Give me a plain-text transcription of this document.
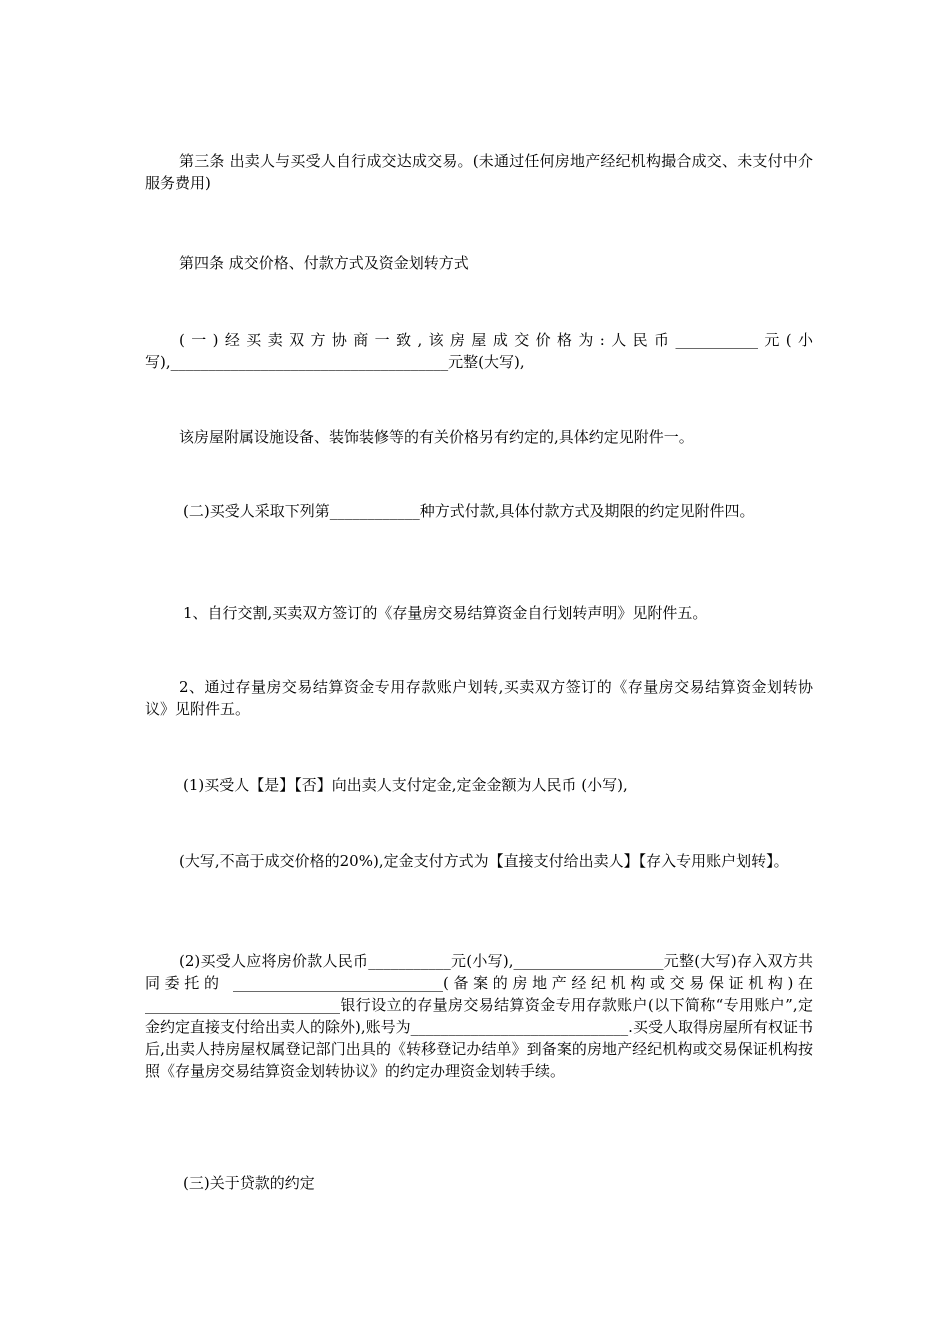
第三条 出卖人与买受人自行成交达成交易。(未通过任何房地产经纪机构撮合成交、未支付中介服务费用)

第四条 成交价格、付款方式及资金划转方式

(一)经买卖双方协商一致,该房屋成交价格为:人民币___________元(小 写),_____________________________________元整(大写),

该房屋附属设施设备、装饰装修等的有关价格另有约定的,具体约定见附件一。

(二)买受人采取下列第____________种方式付款,具体付款方式及期限的约定见附件四。

1、自行交割,买卖双方签订的《存量房交易结算资金自行划转声明》见附件五。

2、通过存量房交易结算资金专用存款账户划转,买卖双方签订的《存量房交易结算资金划转协议》见附件五。

(1)买受人【是】【否】向出卖人支付定金,定金金额为人民币 (小写),

(大写,不高于成交价格的20%),定金支付方式为【直接支付给出卖人】【存入专用账户划转】。

(2)买受人应将房价款人民币___________元(小写),____________________元整(大写)存入双方共同委托的 ____________________________(备案的房地产经纪机构或交易保证机构)在 __________________________银行设立的存量房交易结算资金专用存款账户(以下简称“专用账户”,定金约定直接支付给出卖人的除外),账号为_____________________________.买受人取得房屋所有权证书后,出卖人持房屋权属登记部门出具的《转移登记办结单》到备案的房地产经纪机构或交易保证机构按照《存量房交易结算资金划转协议》的约定办理资金划转手续。

(三)关于贷款的约定
